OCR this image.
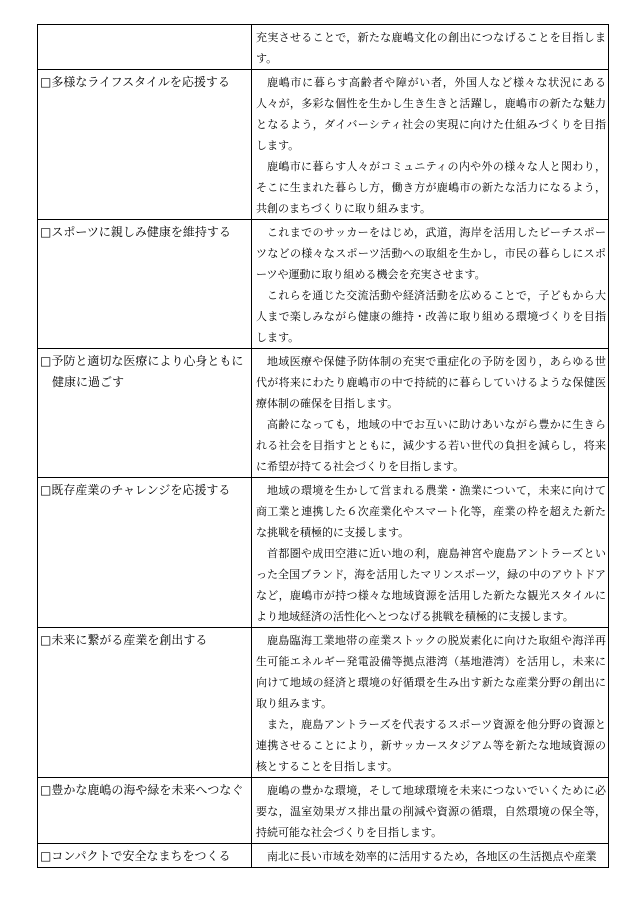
	充実させることで，新たな鹿嶋文化の創出につなげることを目指します。

□多様なライフスタイルを応援する	鹿嶋市に暮らす高齢者や障がい者，外国人など様々な状況にある人々が，多彩な個性を生かし生き生きと活躍し，鹿嶋市の新たな魅力となるよう，ダイバーシティ社会の実現に向けた仕組みづくりを目指します。

鹿嶋市に暮らす人々がコミュニティの内や外の様々な人と関わり，そこに生まれた暮らし方，働き方が鹿嶋市の新たな活力になるよう，共創のまちづくりに取り組みます。

□スポーツに親しみ健康を維持する	これまでのサッカーをはじめ，武道，海岸を活用したビーチスポーツなどの様々なスポーツ活動への取組を生かし，市民の暮らしにスポーツや運動に取り組める機会を充実させます。

これらを通じた交流活動や経済活動を広めることで，子どもから大人まで楽しみながら健康の維持・改善に取り組める環境づくりを目指します。

□予防と適切な医療により心身ともに健康に過ごす	地域医療や保健予防体制の充実で重症化の予防を図り，あらゆる世代が将来にわたり鹿嶋市の中で持続的に暮らしていけるような保健医療体制の確保を目指します。

高齢になっても，地域の中でお互いに助けあいながら豊かに生きられる社会を目指すとともに，減少する若い世代の負担を減らし，将来に希望が持てる社会づくりを目指します。

□既存産業のチャレンジを応援する	地域の環境を生かして営まれる農業・漁業について，未来に向けて商工業と連携した６次産業化やスマート化等，産業の枠を超えた新たな挑戦を積極的に支援します。

首都圏や成田空港に近い地の利，鹿島神宮や鹿島アントラーズといった全国ブランド，海を活用したマリンスポーツ，緑の中のアウトドアなど，鹿嶋市が持つ様々な地域資源を活用した新たな観光スタイルにより地域経済の活性化へとつなげる挑戦を積極的に支援します。

□未来に繋がる産業を創出する	鹿島臨海工業地帯の産業ストックの脱炭素化に向けた取組や海洋再生可能エネルギー発電設備等拠点港湾（基地港湾）を活用し，未来に向けて地域の経済と環境の好循環を生み出す新たな産業分野の創出に取り組みます。

また，鹿島アントラーズを代表するスポーツ資源を他分野の資源と連携させることにより，新サッカースタジアム等を新たな地域資源の核とすることを目指します。

□豊かな鹿嶋の海や緑を未来へつなぐ	鹿嶋の豊かな環境，そして地球環境を未来につないでいくために必要な，温室効果ガス排出量の削減や資源の循環，自然環境の保全等，持続可能な社会づくりを目指します。

□コンパクトで安全なまちをつくる	南北に長い市域を効率的に活用するため，各地区の生活拠点や産業
